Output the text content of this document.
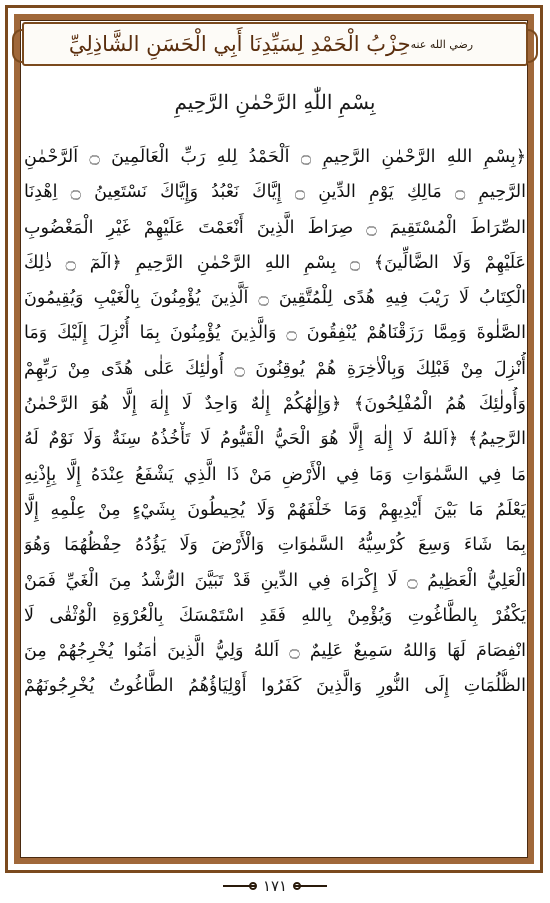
حِزْبُ الْحَمْدِ لِسَيِّدِنَا أَبِي الْحَسَنِ الشَّاذِلِيِّ رضي الله عنه
بِسْمِ اللّٰهِ الرَّحْمٰنِ الرَّحِيمِ
﴿بِسْمِ اللهِ الرَّحْمٰنِ الرَّحِيمِ ۝ اَلْحَمْدُ لِلهِ رَبِّ الْعَالَمِينَ ۝ اَلرَّحْمٰنِ
الرَّحِيمِ ۝ مَالِكِ يَوْمِ الدِّينِ ۝ إِيَّاكَ نَعْبُدُ وَإِيَّاكَ نَسْتَعِينُ ۝ اِهْدِنَا
الصِّرَاطَ الْمُسْتَقِيمَ ۝ صِرَاطَ الَّذِينَ أَنْعَمْتَ عَلَيْهِمْ غَيْرِ الْمَغْضُوبِ
عَلَيْهِمْ وَلَا الضَّالِّينَ﴾ ۝ بِسْمِ اللهِ الرَّحْمٰنِ الرَّحِيمِ ﴿الٓمٓ ۝ ذٰلِكَ
الْكِتَابُ لَا رَيْبَ فِيهِ هُدًى لِلْمُتَّقِينَ ۝ اَلَّذِينَ يُؤْمِنُونَ بِالْغَيْبِ وَيُقِيمُونَ
الصَّلٰوةَ وَمِمَّا رَزَقْنَاهُمْ يُنْفِقُونَ ۝ وَالَّذِينَ يُؤْمِنُونَ بِمَا أُنْزِلَ إِلَيْكَ وَمَا
أُنْزِلَ مِنْ قَبْلِكَ وَبِالْاٰخِرَةِ هُمْ يُوقِنُونَ ۝ أُولٰئِكَ عَلٰى هُدًى مِنْ رَبِّهِمْ
وَأُولٰئِكَ هُمُ الْمُفْلِحُونَ﴾ ﴿وَإِلٰهُكُمْ إِلٰهٌ وَاحِدٌ لَا إِلٰهَ إِلَّا هُوَ الرَّحْمٰنُ
الرَّحِيمُ﴾ ﴿اَللهُ لَا إِلٰهَ إِلَّا هُوَ الْحَيُّ الْقَيُّومُ لَا تَأْخُذُهُ سِنَةٌ وَلَا نَوْمٌ لَهُ
مَا فِي السَّمٰوَاتِ وَمَا فِي الْأَرْضِ مَنْ ذَا الَّذِي يَشْفَعُ عِنْدَهُ إِلَّا بِإِذْنِهِ
يَعْلَمُ مَا بَيْنَ أَيْدِيهِمْ وَمَا خَلْفَهُمْ وَلَا يُحِيطُونَ بِشَيْءٍ مِنْ عِلْمِهِ إِلَّا
بِمَا شَاءَ وَسِعَ كُرْسِيُّهُ السَّمٰوَاتِ وَالْأَرْضَ وَلَا يَؤُدُهُ حِفْظُهُمَا وَهُوَ
الْعَلِيُّ الْعَظِيمُ ۝ لَا إِكْرَاهَ فِي الدِّينِ قَدْ تَبَيَّنَ الرُّشْدُ مِنَ الْغَيِّ فَمَنْ
يَكْفُرْ بِالطَّاغُوتِ وَيُؤْمِنْ بِاللهِ فَقَدِ اسْتَمْسَكَ بِالْعُرْوَةِ الْوُثْقٰى لَا
انْفِصَامَ لَهَا وَاللهُ سَمِيعٌ عَلِيمٌ ۝ اَللهُ وَلِيُّ الَّذِينَ اٰمَنُوا يُخْرِجُهُمْ مِنَ
الظُّلُمَاتِ إِلَى النُّورِ وَالَّذِينَ كَفَرُوا أَوْلِيَاؤُهُمُ الطَّاغُوتُ يُخْرِجُونَهُمْ
١٧١
